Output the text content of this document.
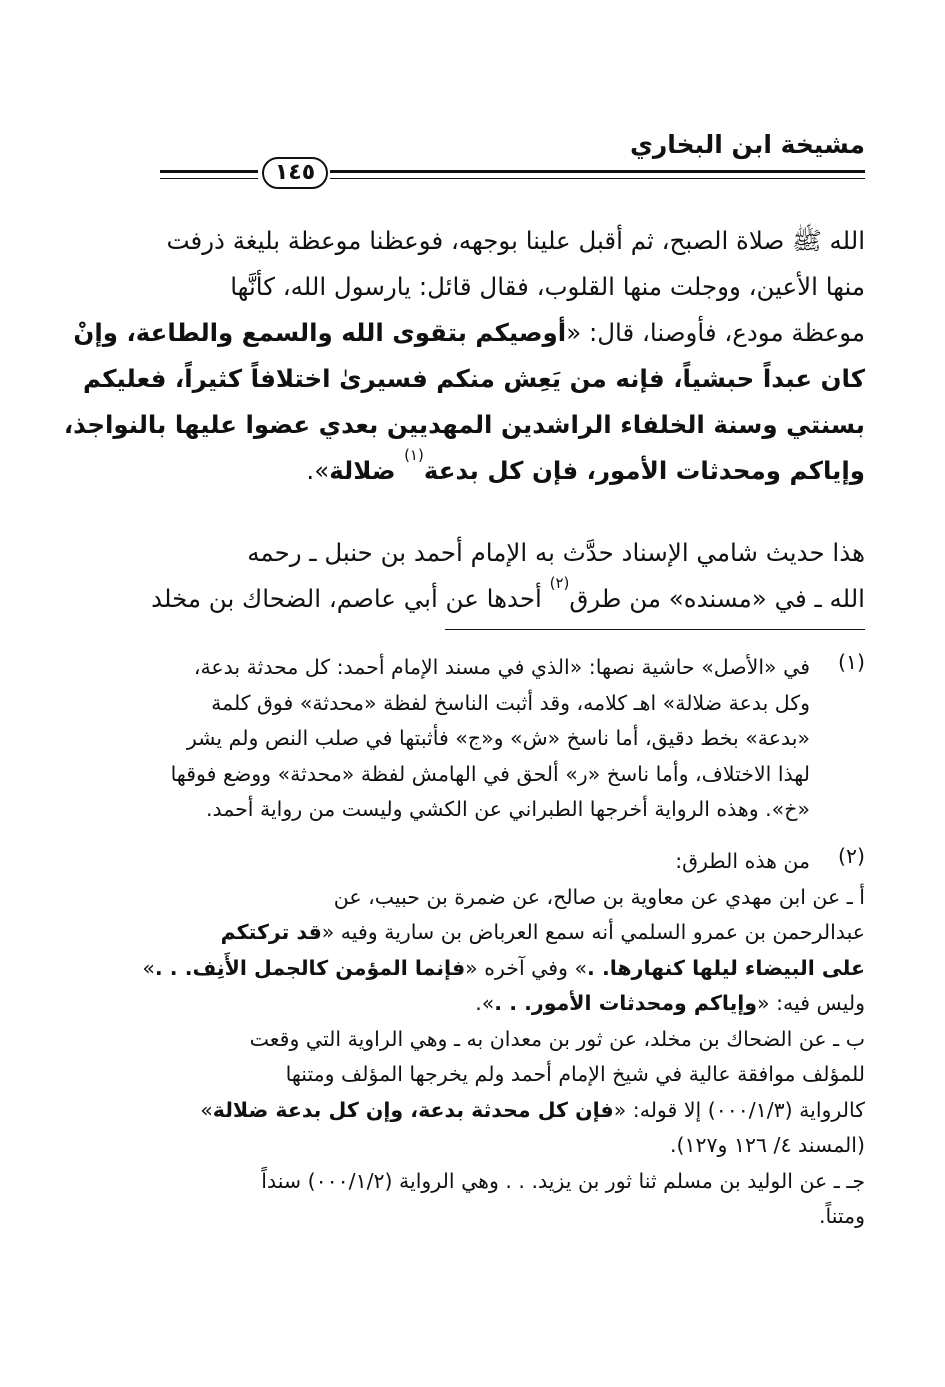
مشيخة ابن البخاري
١٤٥
الله ﷺ صلاة الصبح، ثم أقبل علينا بوجهه، فوعظنا موعظة بليغة ذرفت
منها الأعين، ووجلت منها القلوب، فقال قائل: يارسول الله، كأنَّها
موعظة مودع، فأوصنا، قال: «أوصيكم بتقوى الله والسمع والطاعة، وإنْ
كان عبداً حبشياً، فإنه من يَعِش منكم فسيرىٰ اختلافاً كثيراً، فعليكم
بسنتي وسنة الخلفاء الراشدين المهديين بعدي عضوا عليها بالنواجذ،
وإياكم ومحدثات الأمور، فإن كل بدعة$^{(١)}$ ضلالة».
هذا حديث شامي الإسناد حدَّث به الإمام أحمد بن حنبل ـ رحمه
الله ـ في «مسنده» من طرق$^{(٢)}$ أحدها عن أبي عاصم، الضحاك بن مخلد
(١)
في «الأصل» حاشية نصها: «الذي في مسند الإمام أحمد: كل محدثة بدعة،
وكل بدعة ضلالة» اهـ كلامه، وقد أثبت الناسخ لفظة «محدثة» فوق كلمة
«بدعة» بخط دقيق، أما ناسخ «ش» و«ج» فأثبتها في صلب النص ولم يشر
لهذا الاختلاف، وأما ناسخ «ر» ألحق في الهامش لفظة «محدثة» ووضع فوقها
«خ». وهذه الرواية أخرجها الطبراني عن الكشي وليست من رواية أحمد.
(٢)
من هذه الطرق:
أ ـ عن ابن مهدي عن معاوية بن صالح، عن ضمرة بن حبيب، عن
عبدالرحمن بن عمرو السلمي أنه سمع العرباض بن سارية وفيه «قد تركتكم
على البيضاء ليلها كنهارها. .» وفي آخره «فإنما المؤمن كالجمل الأَنِف. . .»
وليس فيه: «وإياكم ومحدثات الأمور. . .».
ب ـ عن الضحاك بن مخلد، عن ثور بن معدان به ـ وهي الراوية التي وقعت
للمؤلف موافقة عالية في شيخ الإمام أحمد ولم يخرجها المؤلف ومتنها
كالرواية (٠٠٠/١/٣) إلا قوله: «فإن كل محدثة بدعة، وإن كل بدعة ضلالة»
(المسند ٤/ ١٢٦ و١٢٧).
جـ ـ عن الوليد بن مسلم ثنا ثور بن يزيد. . . وهي الرواية (٠٠٠/١/٢) سنداً
ومتناً.
